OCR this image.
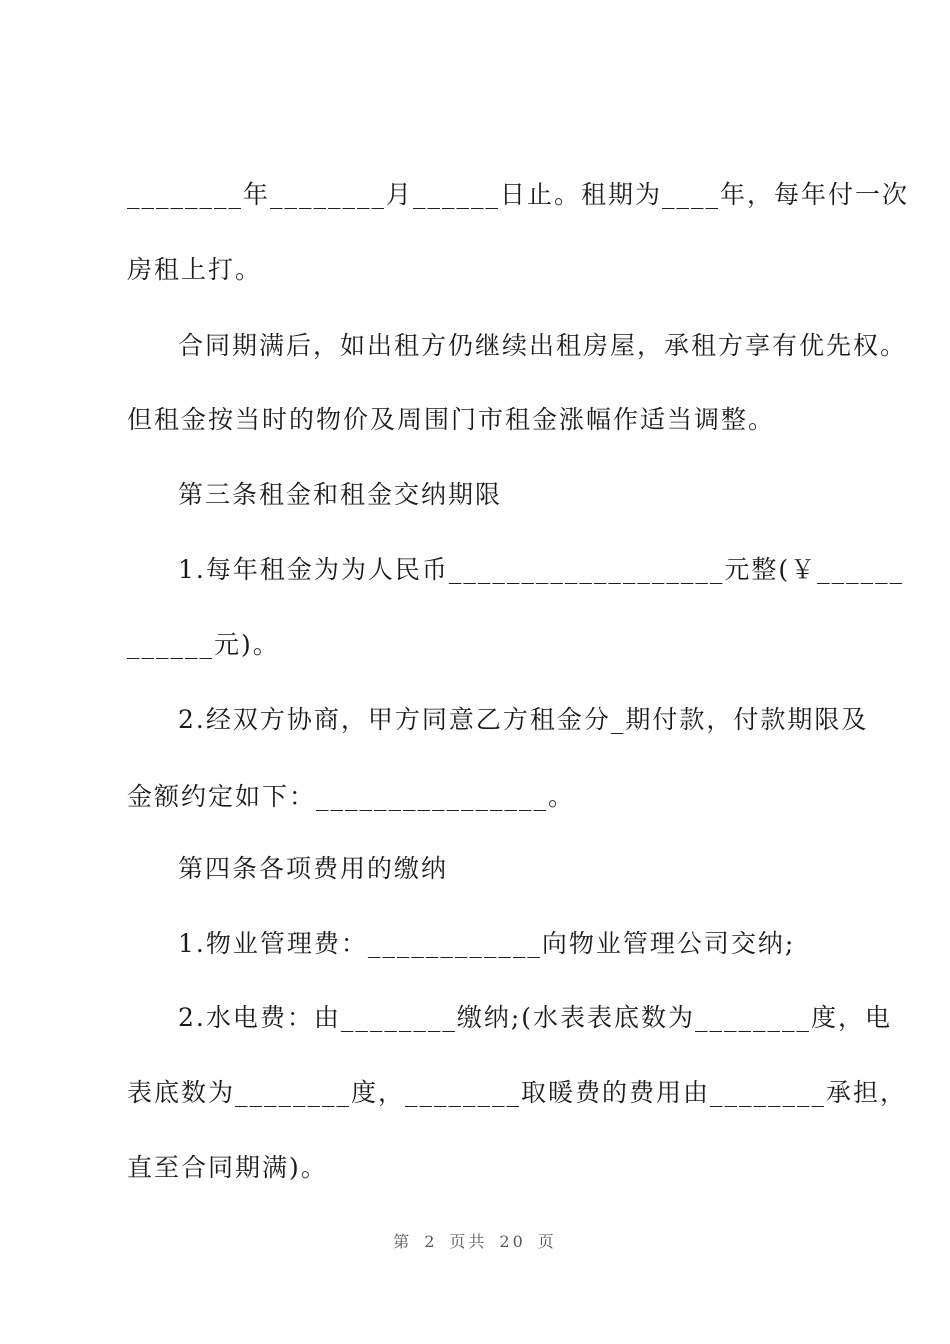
________年________月______日止。租期为____年，每年付一次
房租上打。
合同期满后，如出租方仍继续出租房屋，承租方享有优先权。
但租金按当时的物价及周围门市租金涨幅作适当调整。
第三条租金和租金交纳期限
1.每年租金为为人民币___________________元整(￥______
______元)。
2.经双方协商，甲方同意乙方租金分_期付款，付款期限及
金额约定如下：________________。
第四条各项费用的缴纳
1.物业管理费：____________向物业管理公司交纳;
2.水电费：由________缴纳;(水表表底数为________度，电
表底数为________度，________取暖费的费用由________承担，
直至合同期满)。
第 2 页共 20 页
